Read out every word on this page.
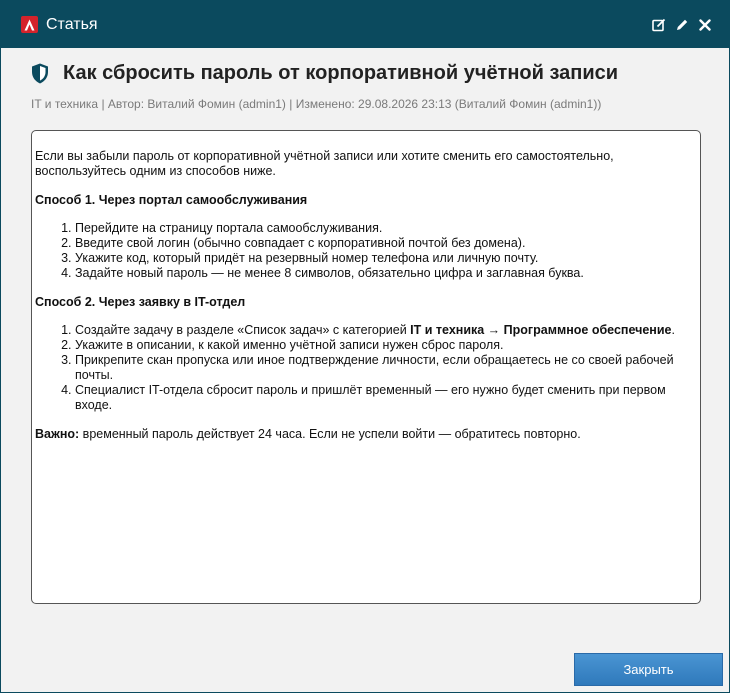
Статья
Как сбросить пароль от корпоративной учётной записи
IT и техника | Автор: Виталий Фомин (admin1) | Изменено: 29.08.2026 23:13 (Виталий Фомин (admin1))

Если вы забыли пароль от корпоративной учётной записи или хотите сменить его самостоятельно, воспользуйтесь одним из способов ниже.

Способ 1. Через портал самообслуживания

1. Перейдите на страницу портала самообслуживания.
2. Введите свой логин (обычно совпадает с корпоративной почтой без домена).
3. Укажите код, который придёт на резервный номер телефона или личную почту.
4. Задайте новый пароль — не менее 8 символов, обязательно цифра и заглавная буква.

Способ 2. Через заявку в IT-отдел

1. Создайте задачу в разделе «Список задач» с категорией IT и техника → Программное обеспечение.
2. Укажите в описании, к какой именно учётной записи нужен сброс пароля.
3. Прикрепите скан пропуска или иное подтверждение личности, если обращаетесь не со своей рабочей почты.
4. Специалист IT-отдела сбросит пароль и пришлёт временный — его нужно будет сменить при первом входе.

Важно: временный пароль действует 24 часа. Если не успели войти — обратитесь повторно.

Закрыть
